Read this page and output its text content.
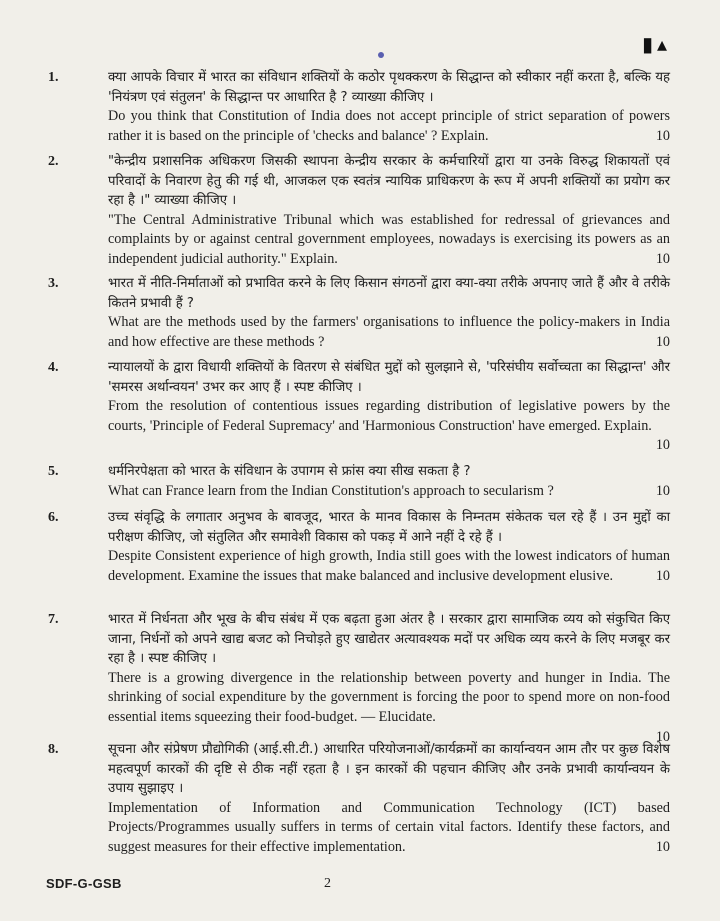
▮▴
1.	क्या आपके विचार में भारत का संविधान शक्तियों के कठोर पृथक्करण के सिद्धान्त को स्वीकार नहीं करता है, बल्कि यह 'नियंत्रण एवं संतुलन' के सिद्धान्त पर आधारित है ? व्याख्या कीजिए ।
Do you think that Constitution of India does not accept principle of strict separation of powers rather it is based on the principle of 'checks and balance' ? Explain.	10
2.	"केन्द्रीय प्रशासनिक अधिकरण जिसकी स्थापना केन्द्रीय सरकार के कर्मचारियों द्वारा या उनके विरुद्ध शिकायतों एवं परिवादों के निवारण हेतु की गई थी, आजकल एक स्वतंत्र न्यायिक प्राधिकरण के रूप में अपनी शक्तियों का प्रयोग कर रहा है ।" व्याख्या कीजिए ।
"The Central Administrative Tribunal which was established for redressal of grievances and complaints by or against central government employees, nowadays is exercising its powers as an independent judicial authority." Explain.	10
3.	भारत में नीति-निर्माताओं को प्रभावित करने के लिए किसान संगठनों द्वारा क्या-क्या तरीके अपनाए जाते हैं और वे तरीके कितने प्रभावी हैं ?
What are the methods used by the farmers' organisations to influence the policy-makers in India and how effective are these methods ?	10
4.	न्यायालयों के द्वारा विधायी शक्तियों के वितरण से संबंधित मुद्दों को सुलझाने से, 'परिसंघीय सर्वोच्चता का सिद्धान्त' और 'समरस अर्थान्वयन' उभर कर आए हैं । स्पष्ट कीजिए ।
From the resolution of contentious issues regarding distribution of legislative powers by the courts, 'Principle of Federal Supremacy' and 'Harmonious Construction' have emerged. Explain.
10
5.	धर्मनिरपेक्षता को भारत के संविधान के उपागम से फ्रांस क्या सीख सकता है ?
What can France learn from the Indian Constitution's approach to secularism ?	10
6.	उच्च संवृद्धि के लगातार अनुभव के बावजूद, भारत के मानव विकास के निम्नतम संकेतक चल रहे हैं । उन मुद्दों का परीक्षण कीजिए, जो संतुलित और समावेशी विकास को पकड़ में आने नहीं दे रहे हैं ।
Despite Consistent experience of high growth, India still goes with the lowest indicators of human development. Examine the issues that make balanced and inclusive development elusive.	10
7.	भारत में निर्धनता और भूख के बीच संबंध में एक बढ़ता हुआ अंतर है । सरकार द्वारा सामाजिक व्यय को संकुचित किए जाना, निर्धनों को अपने खाद्य बजट को निचोड़ते हुए खाद्येतर अत्यावश्यक मदों पर अधिक व्यय करने के लिए मजबूर कर रहा है । स्पष्ट कीजिए ।
There is a growing divergence in the relationship between poverty and hunger in India. The shrinking of social expenditure by the government is forcing the poor to spend more on non-food essential items squeezing their food-budget. — Elucidate.
10
8.	सूचना और संप्रेषण प्रौद्योगिकी (आई.सी.टी.) आधारित परियोजनाओं/कार्यक्रमों का कार्यान्वयन आम तौर पर कुछ विशेष महत्वपूर्ण कारकों की दृष्टि से ठीक नहीं रहता है । इन कारकों की पहचान कीजिए और उनके प्रभावी कार्यान्वयन के उपाय सुझाइए ।
Implementation of Information and Communication Technology (ICT) based Projects/Programmes usually suffers in terms of certain vital factors. Identify these factors, and suggest measures for their effective implementation.	10
SDF-G-GSB	2
